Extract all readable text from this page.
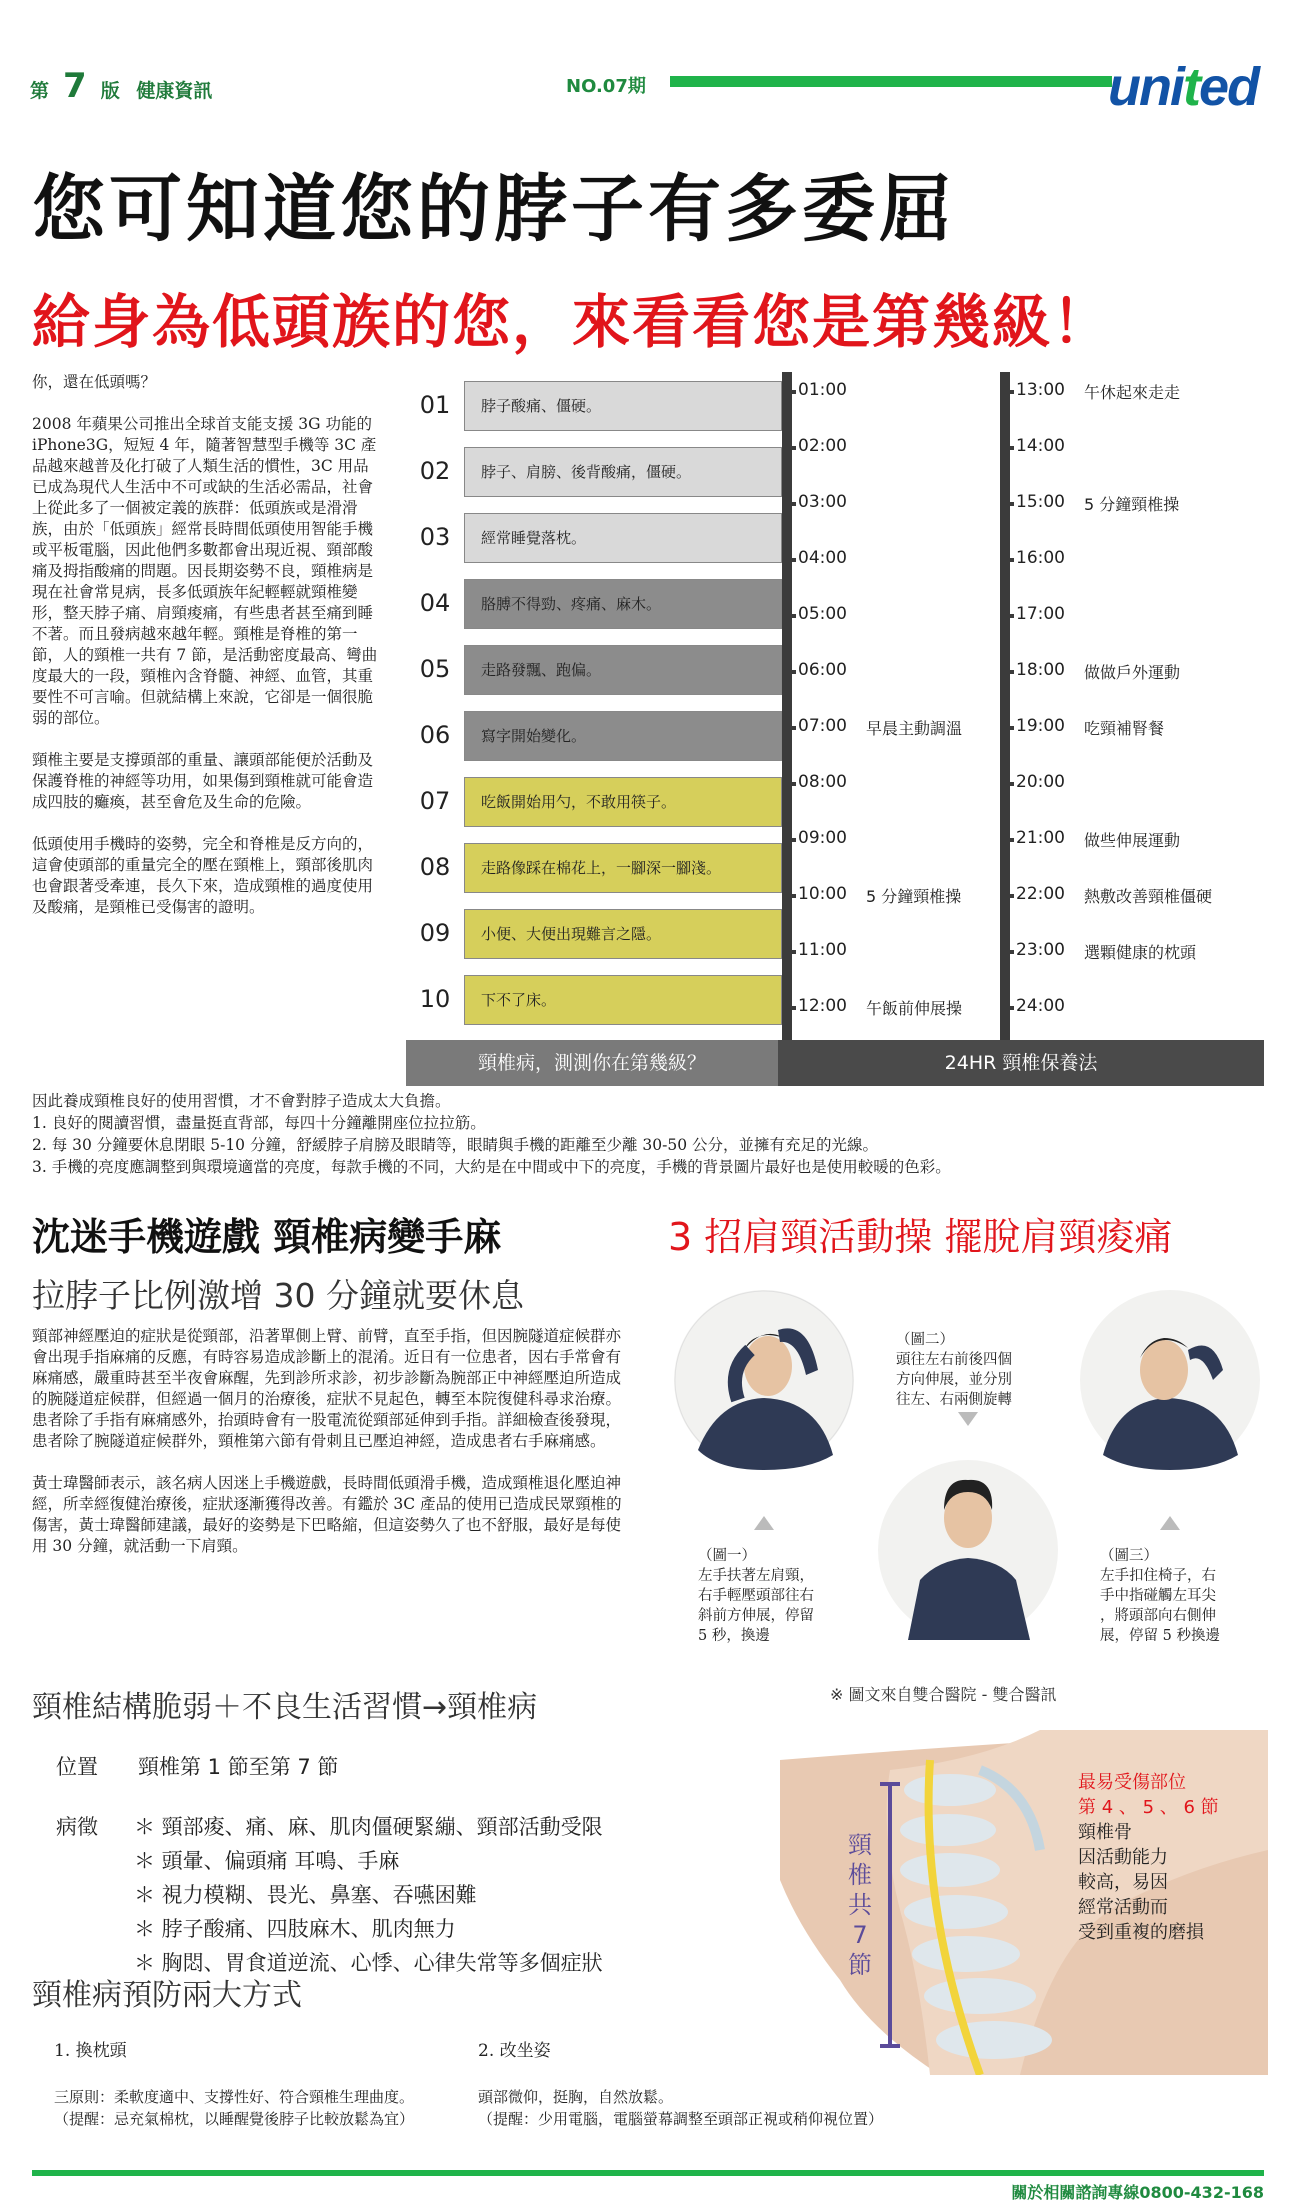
第 7 版 健康資訊	NO.07期	united
您可知道您的脖子有多委屈
給身為低頭族的您，來看看您是第幾級！

你，還在低頭嗎？

2008 年蘋果公司推出全球首支能支援 3G 功能的 iPhone3G，短短 4 年，隨著智慧型手機等 3C 產品越來越普及化打破了人類生活的慣性，3C 用品已成為現代人生活中不可或缺的生活必需品，社會上從此多了一個被定義的族群：低頭族或是滑滑族，由於「低頭族」經常長時間低頭使用智能手機或平板電腦，因此他們多數都會出現近視、頸部酸痛及拇指酸痛的問題。因長期姿勢不良，頸椎病是現在社會常見病，長多低頭族年紀輕輕就頸椎變形，整天脖子痛、肩頸痠痛，有些患者甚至痛到睡不著。而且發病越來越年輕。頸椎是脊椎的第一節，人的頸椎一共有 7 節，是活動密度最高、彎曲度最大的一段，頸椎內含脊髓、神經、血管，其重要性不可言喻。但就結構上來說，它卻是一個很脆弱的部位。

頸椎主要是支撐頭部的重量、讓頭部能便於活動及保護脊椎的神經等功用，如果傷到頸椎就可能會造成四肢的癱瘓，甚至會危及生命的危險。

低頭使用手機時的姿勢，完全和脊椎是反方向的，這會使頭部的重量完全的壓在頸椎上，頸部後肌肉也會跟著受牽連，長久下來，造成頸椎的過度使用及酸痛，是頸椎已受傷害的證明。

01	脖子酸痛、僵硬。
02	脖子、肩膀、後背酸痛，僵硬。
03	經常睡覺落枕。
04	胳膊不得勁、疼痛、麻木。
05	走路發飄、跑偏。
06	寫字開始變化。
07	吃飯開始用勺，不敢用筷子。
08	走路像踩在棉花上，一腳深一腳淺。
09	小便、大便出現難言之隱。
10	下不了床。
01:00
02:00
03:00
04:00
05:00
06:00
07:00 早晨主動調溫
08:00
09:00
10:00 5 分鐘頸椎操
11:00
12:00 午飯前伸展操
13:00 午休起來走走
14:00
15:00 5 分鐘頸椎操
16:00
17:00
18:00 做做戶外運動
19:00 吃頸補腎餐
20:00
21:00 做些伸展運動
22:00 熱敷改善頸椎僵硬
23:00 選顆健康的枕頭
24:00
頸椎病，測測你在第幾級？	24HR 頸椎保養法
因此養成頸椎良好的使用習慣，才不會對脖子造成太大負擔。
1. 良好的閱讀習慣，盡量挺直背部，每四十分鐘離開座位拉拉筋。
2. 每 30 分鐘要休息閉眼 5-10 分鐘，舒緩脖子肩膀及眼睛等，眼睛與手機的距離至少離 30-50 公分，並擁有充足的光線。
3. 手機的亮度應調整到與環境適當的亮度，每款手機的不同，大約是在中間或中下的亮度，手機的背景圖片最好也是使用較暖的色彩。
沈迷手機遊戲 頸椎病變手麻	3 招肩頸活動操 擺脫肩頸痠痛
拉脖子比例激增 30 分鐘就要休息

頸部神經壓迫的症狀是從頸部，沿著單側上臂、前臂，直至手指，但因腕隧道症候群亦會出現手指麻痛的反應，有時容易造成診斷上的混淆。近日有一位患者，因右手常會有麻痛感，嚴重時甚至半夜會麻醒，先到診所求診，初步診斷為腕部正中神經壓迫所造成的腕隧道症候群，但經過一個月的治療後，症狀不見起色，轉至本院復健科尋求治療。患者除了手指有麻痛感外，抬頭時會有一股電流從頸部延伸到手指。詳細檢查後發現，患者除了腕隧道症候群外，頸椎第六節有骨刺且已壓迫神經，造成患者右手麻痛感。

黃士瑋醫師表示，該名病人因迷上手機遊戲，長時間低頭滑手機，造成頸椎退化壓迫神經，所幸經復健治療後，症狀逐漸獲得改善。有鑑於 3C 產品的使用已造成民眾頸椎的傷害，黃士瑋醫師建議，最好的姿勢是下巴略縮，但這姿勢久了也不舒服，最好是每使用 30 分鐘，就活動一下肩頸。

（圖一）
左手扶著左肩頸，
右手輕壓頭部往右
斜前方伸展，停留
5 秒，換邊
（圖二）
頭往左右前後四個
方向伸展，並分別
往左、右兩側旋轉
（圖三）
左手扣住椅子，右
手中指碰觸左耳尖
，將頭部向右側伸
展，停留 5 秒換邊
※ 圖文來自雙合醫院 - 雙合醫訊
頸椎結構脆弱＋不良生活習慣→頸椎病
位置 頸椎第 1 節至第 7 節
病徵 ＊ 頸部痠、痛、麻、肌肉僵硬緊繃、頸部活動受限
＊ 頭暈、偏頭痛 耳鳴、手麻
＊ 視力模糊、畏光、鼻塞、吞嚥困難
＊ 脖子酸痛、四肢麻木、肌肉無力
＊ 胸悶、胃食道逆流、心悸、心律失常等多個症狀
頸
椎
共
7
節
最易受傷部位
第 4 、 5 、 6 節
頸椎骨
因活動能力
較高，易因
經常活動而
受到重複的磨損
頸椎病預防兩大方式
1. 換枕頭	2. 改坐姿
三原則：柔軟度適中、支撐性好、符合頸椎生理曲度。
（提醒：忌充氣棉枕，以睡醒覺後脖子比較放鬆為宜）
頭部微仰，挺胸，自然放鬆。
（提醒：少用電腦，電腦螢幕調整至頭部正視或稍仰視位置）
關於相關諮詢專線0800-432-168
